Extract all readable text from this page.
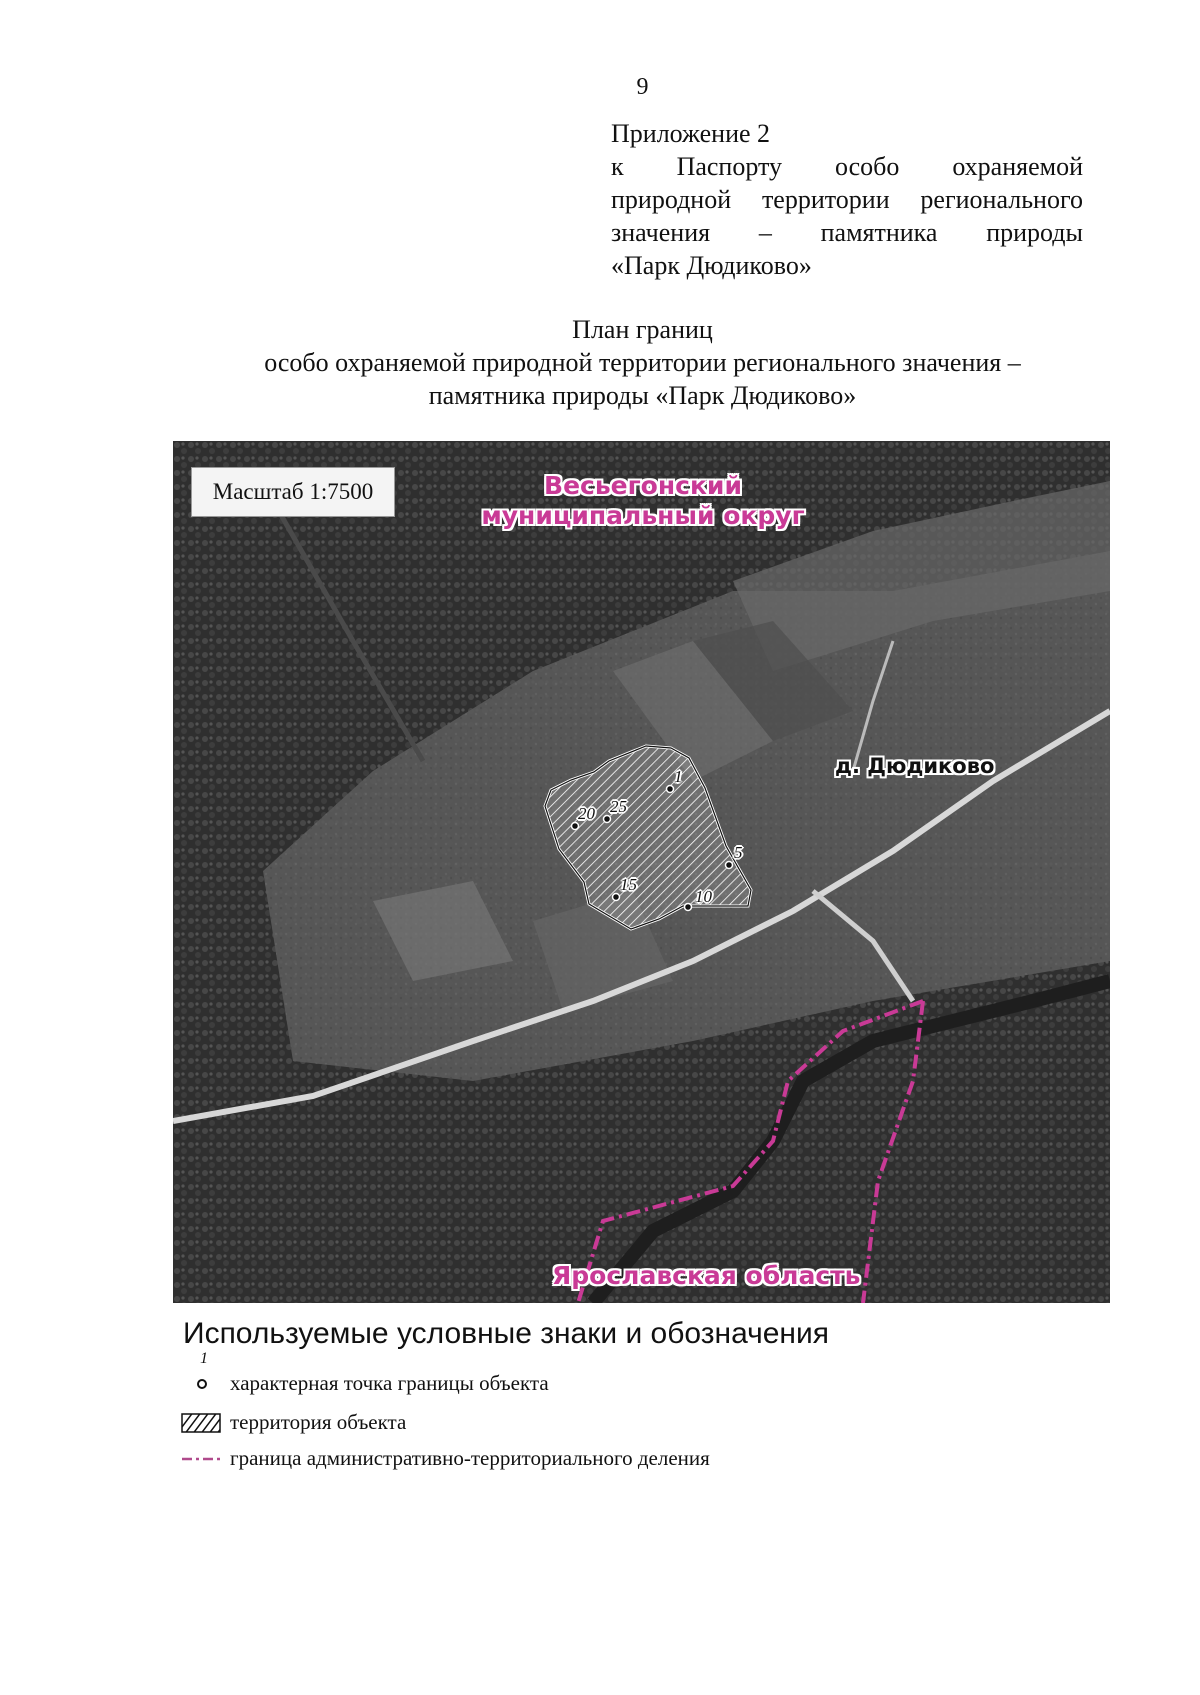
9
Приложение 2
к Паспорту особо охраняемой
природной территории регионального
значения – памятника природы
«Парк Дюдиково»
План границ
особо охраняемой природной территории регионального значения –
памятника природы «Парк Дюдиково»
Масштаб 1:7500	Весьегонский
муниципальный округ
д. Дюдиково
Ярославская область
1
5
10
15
20 25
Используемые условные знаки и обозначения
1
характерная точка границы объекта
территория объекта
граница административно-территориального деления
